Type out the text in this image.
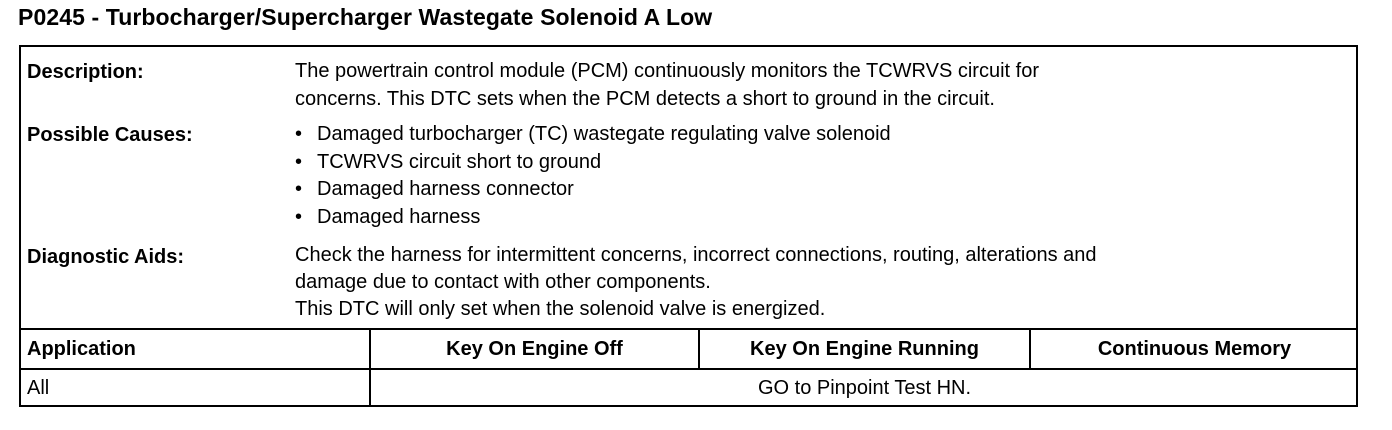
P0245 - Turbocharger/Supercharger Wastegate Solenoid A Low
Description:	The powertrain control module (PCM) continuously monitors the TCWRVS circuit for
concerns. This DTC sets when the PCM detects a short to ground in the circuit.
Possible Causes:	• Damaged turbocharger (TC) wastegate regulating valve solenoid
• TCWRVS circuit short to ground
• Damaged harness connector
• Damaged harness
Diagnostic Aids:	Check the harness for intermittent concerns, incorrect connections, routing, alterations and
damage due to contact with other components.
This DTC will only set when the solenoid valve is energized.
Application	Key On Engine Off	Key On Engine Running	Continuous Memory
All	GO to Pinpoint Test HN.
